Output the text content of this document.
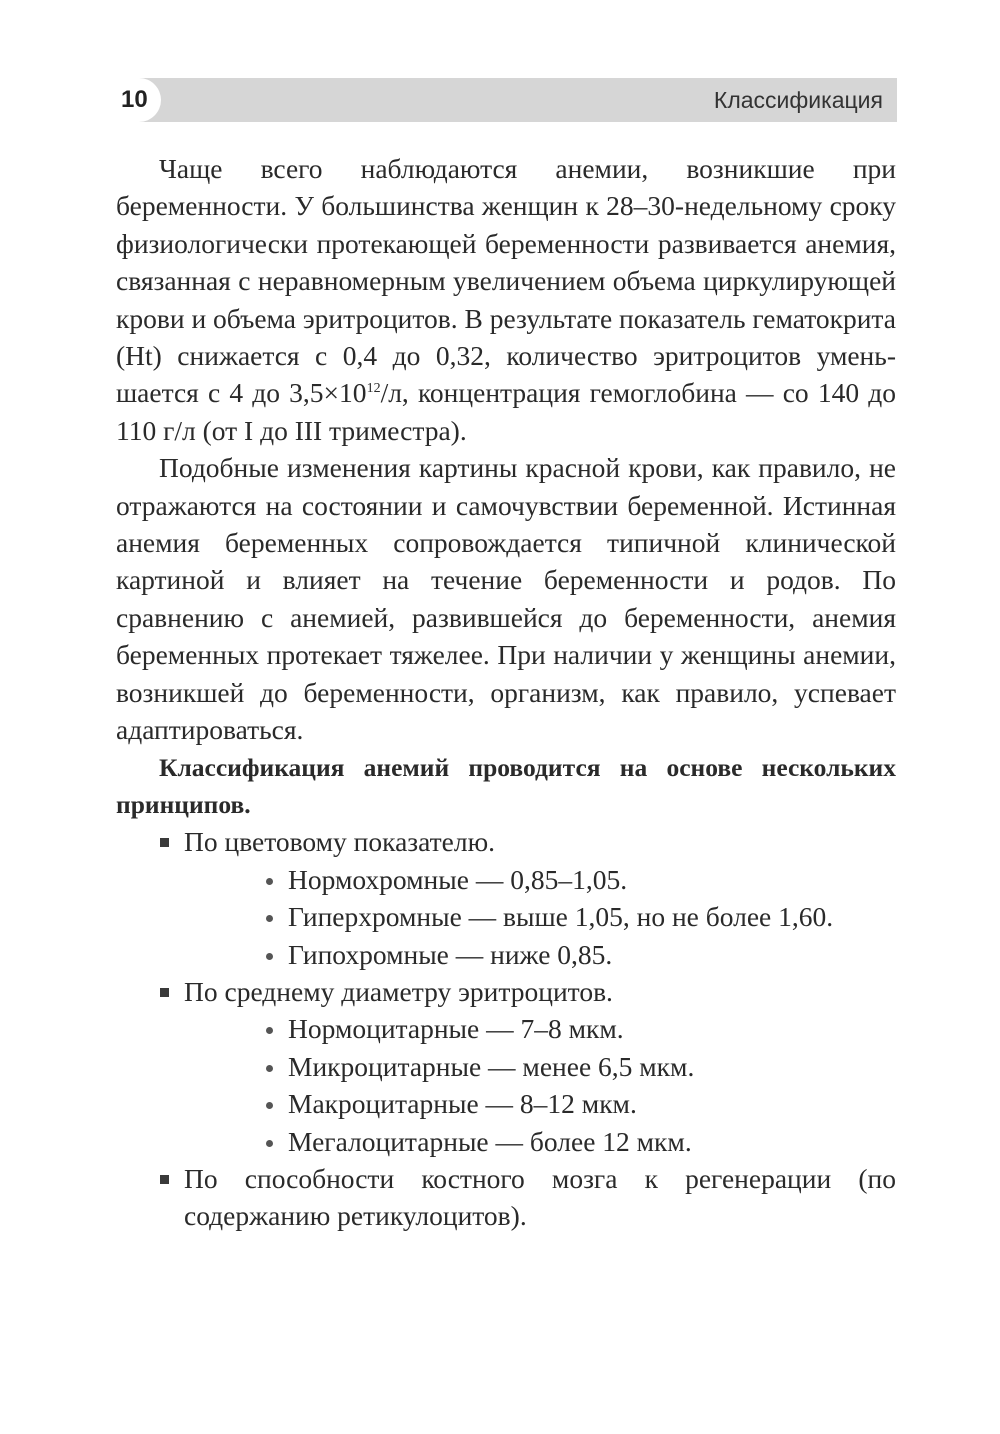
10	Классификация

Чаще всего наблюдаются анемии, возникшие при беременности. У большинства женщин к 28–30-недельному сроку физиологически протекающей беременности развивается анемия, связанная с неравномерным увеличением объема циркулирующей крови и объема эритроцитов. В результате показатель гематокрита (Ht) снижается с 0,4 до 0,32, количество эритроцитов уменьшается с 4 до $3,5\times 10^{12}/л$, концентрация гемоглобина — со 140 до 110 г/л (от I до III триместра).

Подобные изменения картины красной крови, как правило, не отражаются на состоянии и самочувствии беременной. Истинная анемия беременных сопровождается типичной клинической картиной и влияет на течение беременности и родов. По сравнению с анемией, развившейся до беременности, анемия беременных протекает тяжелее. При наличии у женщины анемии, возникшей до беременности, организм, как правило, успевает адаптироваться.

Классификация анемий проводится на основе нескольких принципов.

По цветовому показателю.
Нормохромные — 0,85–1,05.
Гиперхромные — выше 1,05, но не более 1,60.
Гипохромные — ниже 0,85.
По среднему диаметру эритроцитов.
Нормоцитарные — 7–8 мкм.
Микроцитарные — менее 6,5 мкм.
Макроцитарные — 8–12 мкм.
Мегалоцитарные — более 12 мкм.
По способности костного мозга к регенерации (по содержанию ретикулоцитов).
